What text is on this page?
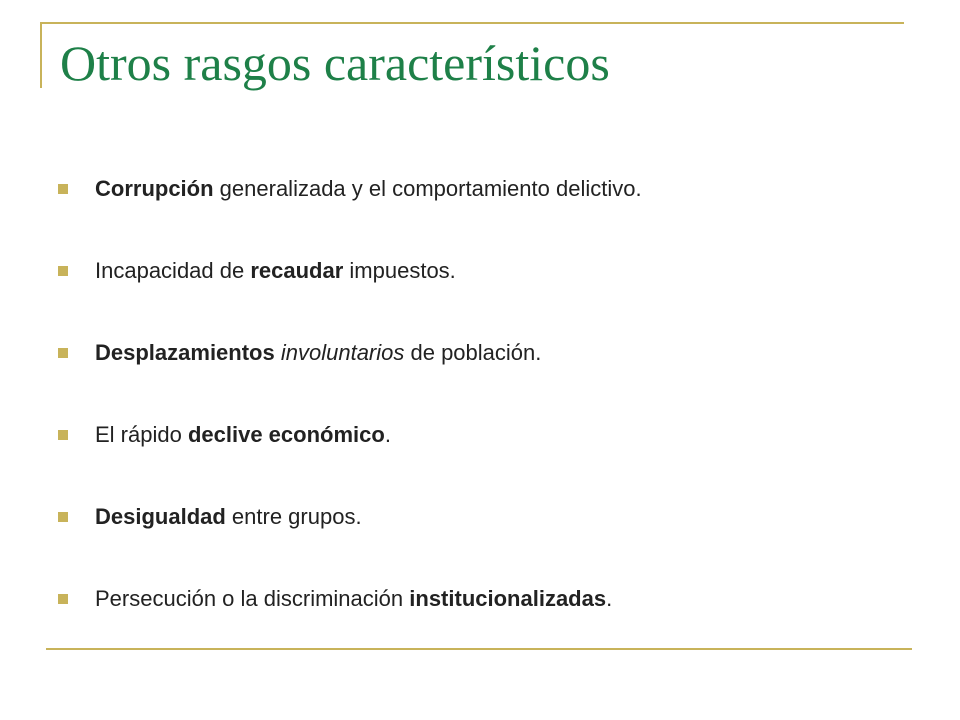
Otros rasgos característicos
Corrupción generalizada y el comportamiento delictivo.
Incapacidad de recaudar impuestos.
Desplazamientos involuntarios de población.
El rápido declive económico.
Desigualdad entre grupos.
Persecución o la discriminación institucionalizadas.
